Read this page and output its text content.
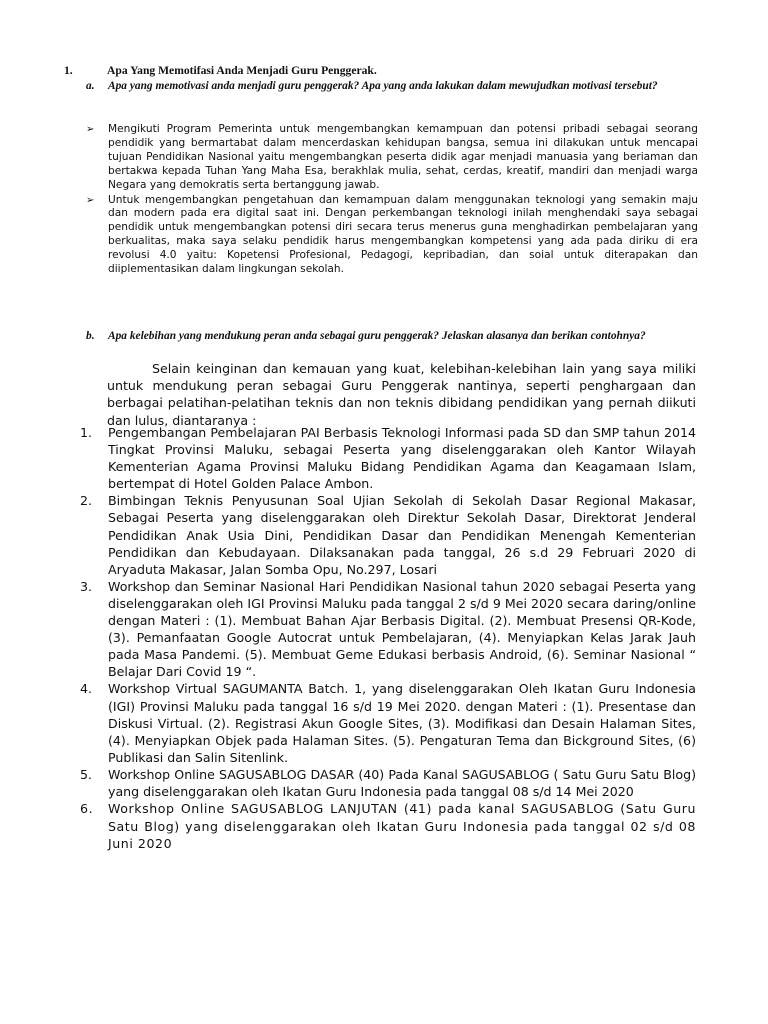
1.	Apa Yang Memotifasi Anda Menjadi Guru Penggerak.
a.	Apa yang memotivasi anda menjadi guru penggerak? Apa yang anda lakukan dalam mewujudkan motivasi tersebut?
➢ Mengikuti Program Pemerinta untuk mengembangkan kemampuan dan potensi pribadi sebagai seorang pendidik yang bermartabat dalam mencerdaskan kehidupan bangsa, semua ini dilakukan untuk mencapai tujuan Pendidikan Nasional yaitu mengembangkan peserta didik agar menjadi manuasia yang beriaman dan bertakwa kepada Tuhan Yang Maha Esa, berakhlak mulia, sehat, cerdas, kreatif, mandiri dan menjadi warga Negara yang demokratis serta bertanggung jawab.
➢ Untuk mengembangkan pengetahuan dan kemampuan dalam menggunakan teknologi yang semakin maju dan modern pada era digital saat ini. Dengan perkembangan teknologi inilah menghendaki saya sebagai pendidik untuk mengembangkan potensi diri secara terus menerus guna menghadirkan pembelajaran yang berkualitas, maka saya selaku pendidik harus mengembangkan kompetensi yang ada pada diriku di era revolusi 4.0 yaitu: Kopetensi Profesional, Pedagogi, kepribadian, dan soial untuk diterapakan dan diiplementasikan dalam lingkungan sekolah.
b.	Apa kelebihan yang mendukung peran anda sebagai guru penggerak? Jelaskan alasanya dan berikan contohnya?
Selain keinginan dan kemauan yang kuat, kelebihan-kelebihan lain yang saya miliki untuk mendukung peran sebagai Guru Penggerak nantinya, seperti penghargaan dan berbagai pelatihan-pelatihan teknis dan non teknis dibidang pendidikan yang pernah diikuti dan lulus, diantaranya :
1. Pengembangan Pembelajaran PAI Berbasis Teknologi Informasi pada SD dan SMP tahun 2014 Tingkat Provinsi Maluku, sebagai Peserta yang diselenggarakan oleh Kantor Wilayah Kementerian Agama Provinsi Maluku Bidang Pendidikan Agama dan Keagamaan Islam, bertempat di Hotel Golden Palace Ambon.
2. Bimbingan Teknis Penyusunan Soal Ujian Sekolah di Sekolah Dasar Regional Makasar, Sebagai Peserta yang diselenggarakan oleh Direktur Sekolah Dasar, Direktorat Jenderal Pendidikan Anak Usia Dini, Pendidikan Dasar dan Pendidikan Menengah Kementerian Pendidikan dan Kebudayaan. Dilaksanakan pada tanggal, 26 s.d 29 Februari 2020 di Aryaduta Makasar, Jalan Somba Opu, No.297, Losari
3. Workshop dan Seminar Nasional Hari Pendidikan Nasional tahun 2020 sebagai Peserta yang diselenggarakan oleh IGI Provinsi Maluku pada tanggal 2 s/d 9 Mei 2020 secara daring/online dengan Materi : (1). Membuat Bahan Ajar Berbasis Digital. (2). Membuat Presensi QR-Kode, (3). Pemanfaatan Google Autocrat untuk Pembelajaran, (4). Menyiapkan Kelas Jarak Jauh pada Masa Pandemi. (5). Membuat Geme Edukasi berbasis Android, (6). Seminar Nasional “ Belajar Dari Covid 19 “.
4. Workshop Virtual SAGUMANTA Batch. 1, yang diselenggarakan Oleh Ikatan Guru Indonesia (IGI) Provinsi Maluku pada tanggal 16 s/d 19 Mei 2020. dengan Materi : (1). Presentase dan Diskusi Virtual. (2). Registrasi Akun Google Sites, (3). Modifikasi dan Desain Halaman Sites, (4). Menyiapkan Objek pada Halaman Sites. (5). Pengaturan Tema dan Bickground Sites, (6) Publikasi dan Salin Sitenlink.
5. Workshop Online SAGUSABLOG DASAR (40) Pada Kanal SAGUSABLOG ( Satu Guru Satu Blog) yang diselenggarakan oleh Ikatan Guru Indonesia pada tanggal 08 s/d 14 Mei 2020
6. Workshop Online SAGUSABLOG LANJUTAN (41) pada kanal SAGUSABLOG (Satu Guru Satu Blog) yang diselenggarakan oleh Ikatan Guru Indonesia pada tanggal 02 s/d 08 Juni 2020
